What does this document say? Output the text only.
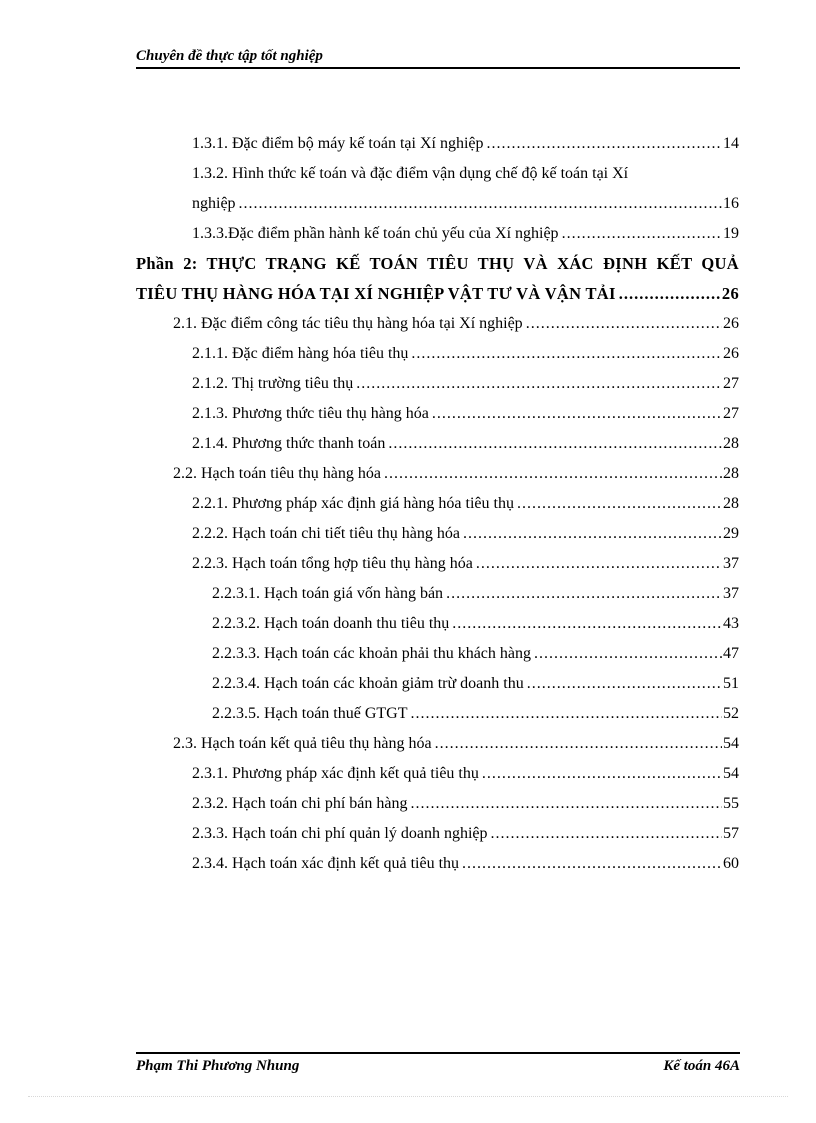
Chuyên đề thực tập tốt nghiệp
1.3.1. Đặc điểm bộ máy kế toán tại Xí nghiệp .....	14
1.3.2. Hình thức kế toán và đặc điểm vận dụng chế độ kế toán tại Xí
nghiệp .....	16
1.3.3.Đặc điểm phần hành kế toán chủ yếu của Xí nghiệp .....	19
Phần 2: THỰC TRẠNG KẾ TOÁN TIÊU THỤ VÀ XÁC ĐỊNH KẾT QUẢ
TIÊU THỤ HÀNG HÓA TẠI XÍ NGHIỆP VẬT TƯ VÀ VẬN TẢI .....	26
2.1. Đặc điểm công tác tiêu thụ hàng hóa tại Xí nghiệp .....	26
2.1.1. Đặc điểm hàng hóa tiêu thụ .....	26
2.1.2. Thị trường tiêu thụ .....	27
2.1.3. Phương thức tiêu thụ hàng hóa .....	27
2.1.4. Phương thức thanh toán .....	28
2.2. Hạch toán tiêu thụ hàng hóa .....	28
2.2.1. Phương pháp xác định giá hàng hóa tiêu thụ .....	28
2.2.2. Hạch toán chi tiết tiêu thụ hàng hóa .....	29
2.2.3. Hạch toán tổng hợp tiêu thụ hàng hóa .....	37
2.2.3.1. Hạch toán giá vốn hàng bán .....	37
2.2.3.2. Hạch toán doanh thu tiêu thụ .....	43
2.2.3.3. Hạch toán các khoản phải thu khách hàng .....	47
2.2.3.4. Hạch toán các khoản giảm trừ doanh thu .....	51
2.2.3.5. Hạch toán thuế GTGT .....	52
2.3. Hạch toán kết quả tiêu thụ hàng hóa .....	54
2.3.1. Phương pháp xác định kết quả tiêu thụ .....	54
2.3.2. Hạch toán chi phí bán hàng .....	55
2.3.3. Hạch toán chi phí quản lý doanh nghiệp .....	57
2.3.4. Hạch toán xác định kết quả tiêu thụ .....	60
Phạm Thi Phương Nhung	Kế toán 46A
